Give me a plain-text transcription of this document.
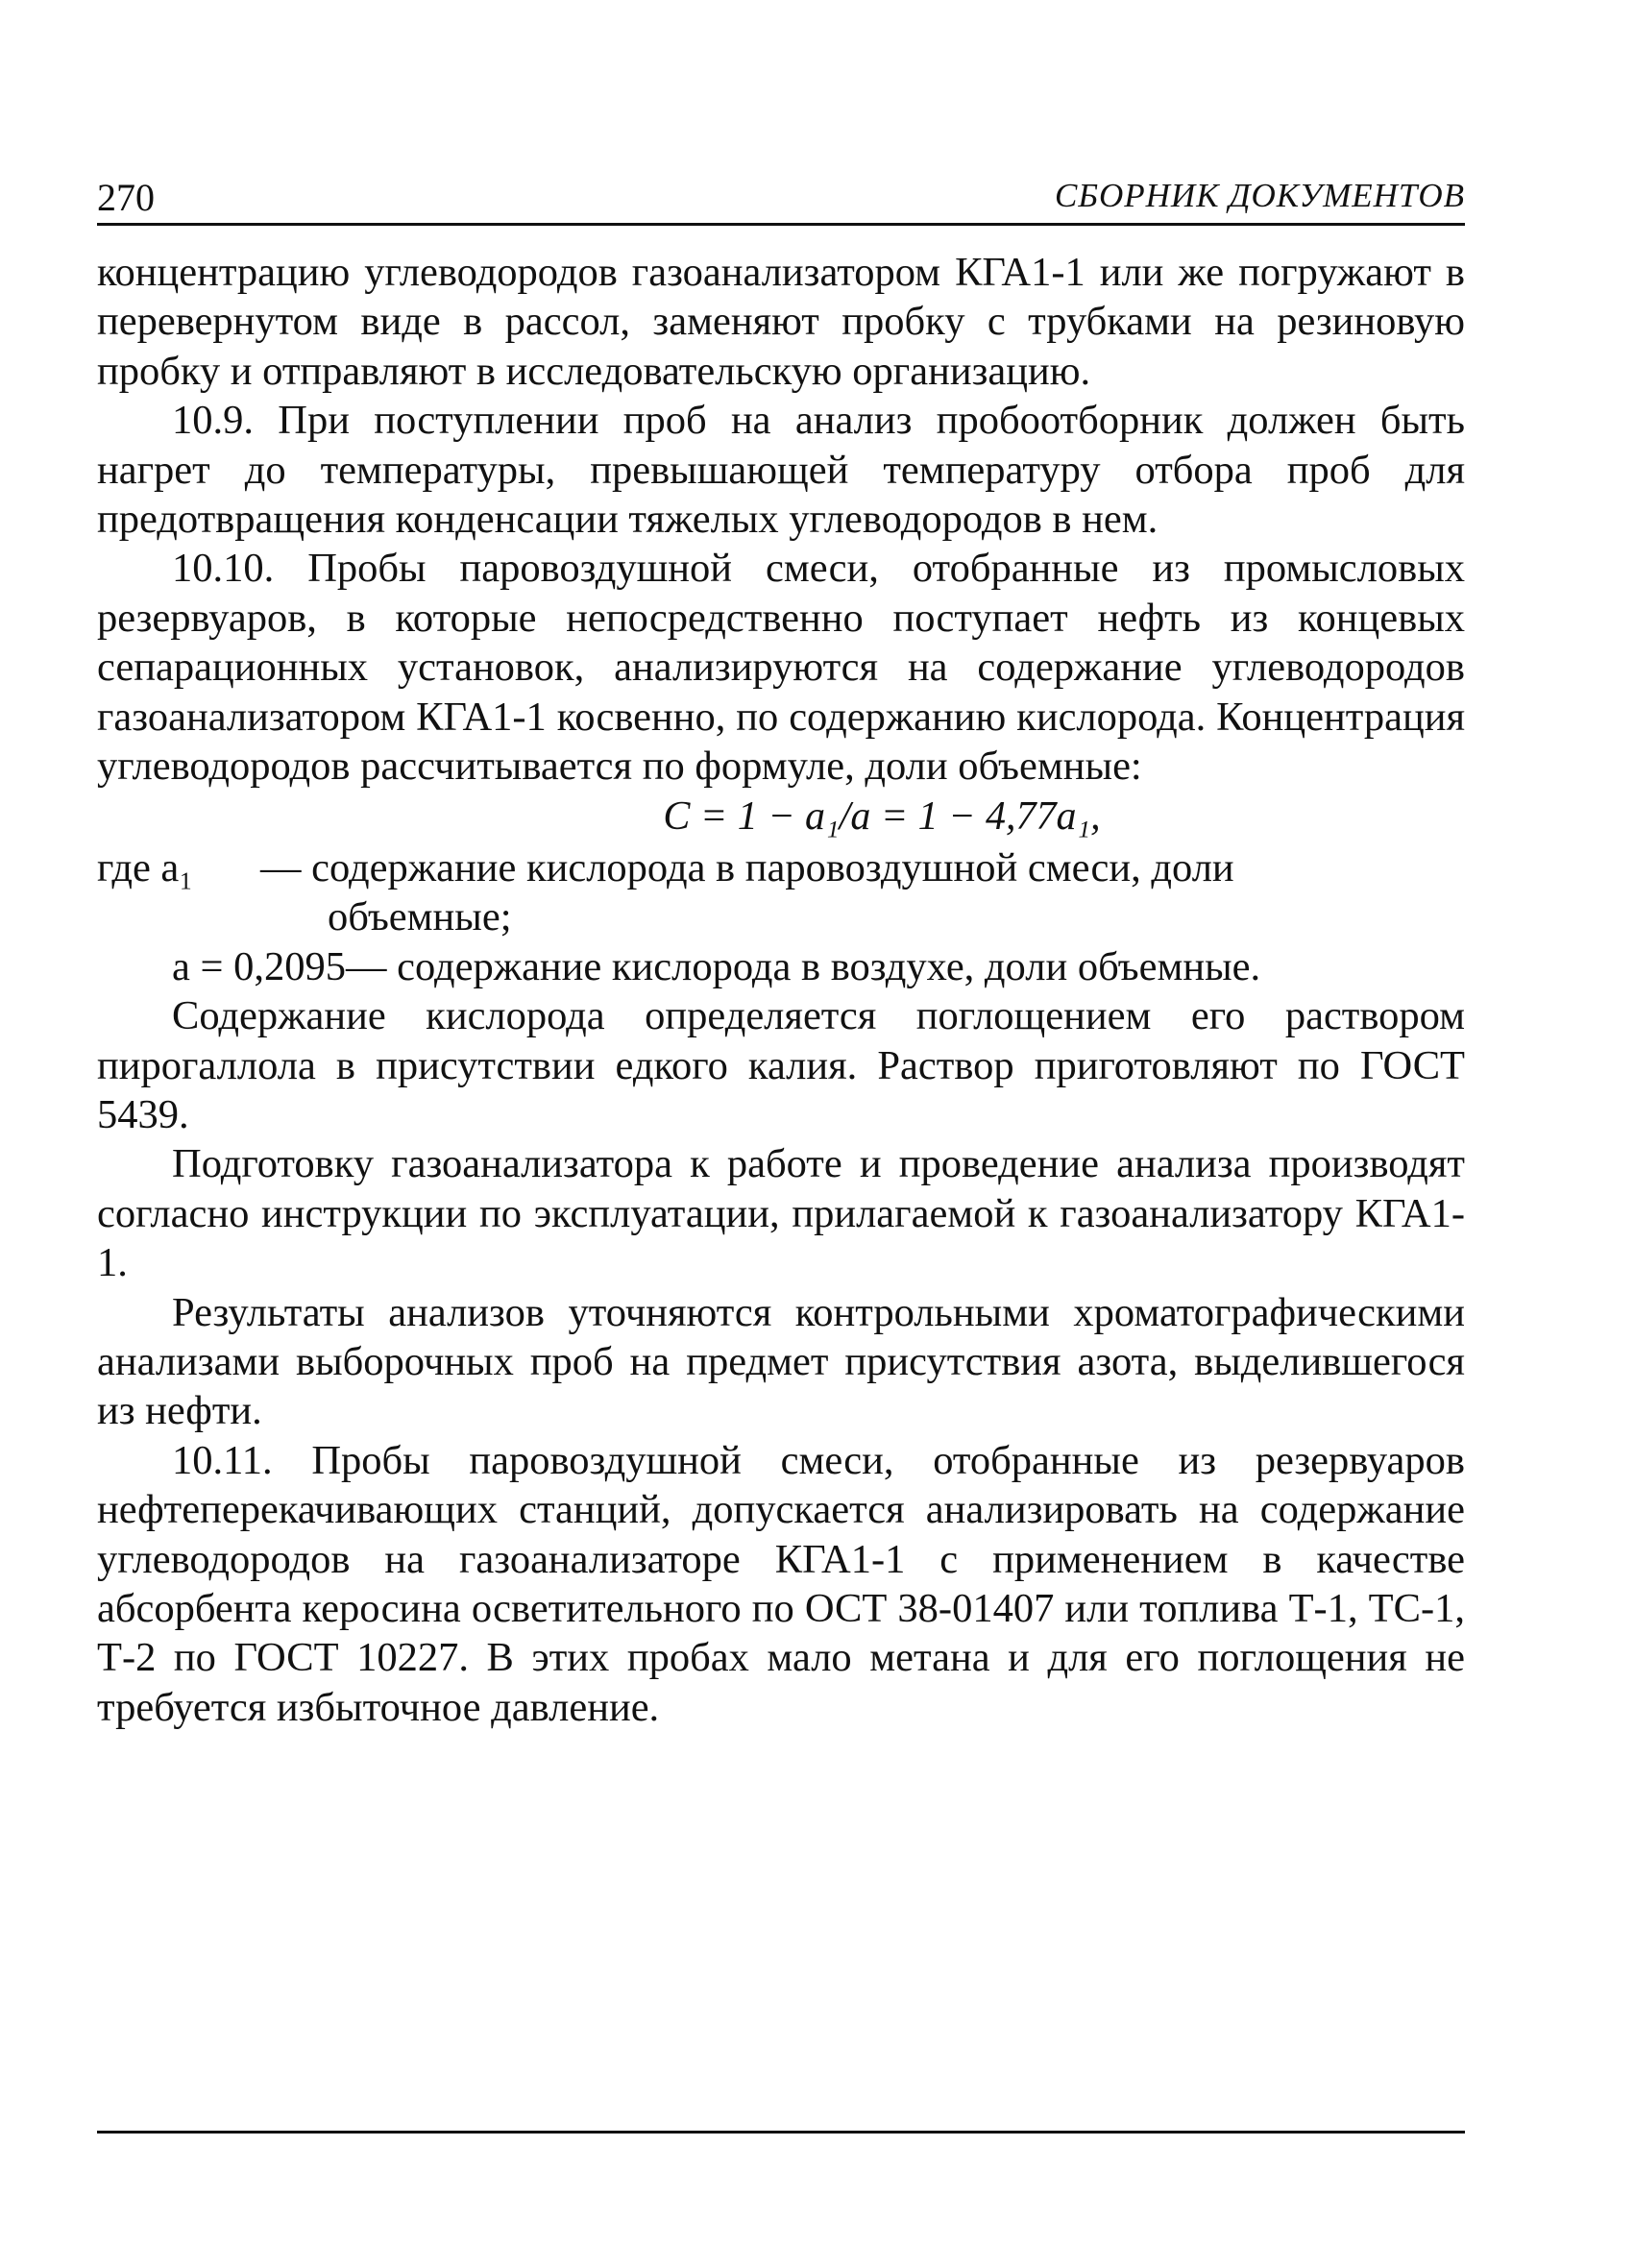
270	СБОРНИК ДОКУМЕНТОВ

концентрацию углеводородов газоанализатором КГА1-1 или же погружают в перевернутом виде в рассол, заменяют пробку с трубками на резиновую пробку и отправляют в исследовательскую организацию.

10.9. При поступлении проб на анализ пробоотборник должен быть нагрет до температуры, превышающей температуру отбора проб для предотвращения конденсации тяжелых углеводородов в нем.

10.10. Пробы паровоздушной смеси, отобранные из промысловых резервуаров, в которые непосредственно поступает нефть из концевых сепарационных установок, анализируются на содержание углеводородов газоанализатором КГА1-1 косвенно, по содержанию кислорода. Концентрация углеводородов рассчитывается по формуле, доли объемные:

C = 1 − a₁/a = 1 − 4,77a₁,
где a₁	— содержание кислорода в паровоздушной смеси, доли
объемные;
a = 0,2095— содержание кислорода в воздухе, доли объемные.

Содержание кислорода определяется поглощением его раствором пирогаллола в присутствии едкого калия. Раствор приготовляют по ГОСТ 5439.

Подготовку газоанализатора к работе и проведение анализа производят согласно инструкции по эксплуатации, прилагаемой к газоанализатору КГА1-1.

Результаты анализов уточняются контрольными хроматографическими анализами выборочных проб на предмет присутствия азота, выделившегося из нефти.

10.11. Пробы паровоздушной смеси, отобранные из резервуаров нефтеперекачивающих станций, допускается анализировать на содержание углеводородов на газоанализаторе КГА1-1 с применением в качестве абсорбента керосина осветительного по ОСТ 38-01407 или топлива Т-1, ТС-1, Т-2 по ГОСТ 10227. В этих пробах мало метана и для его поглощения не требуется избыточное давление.
